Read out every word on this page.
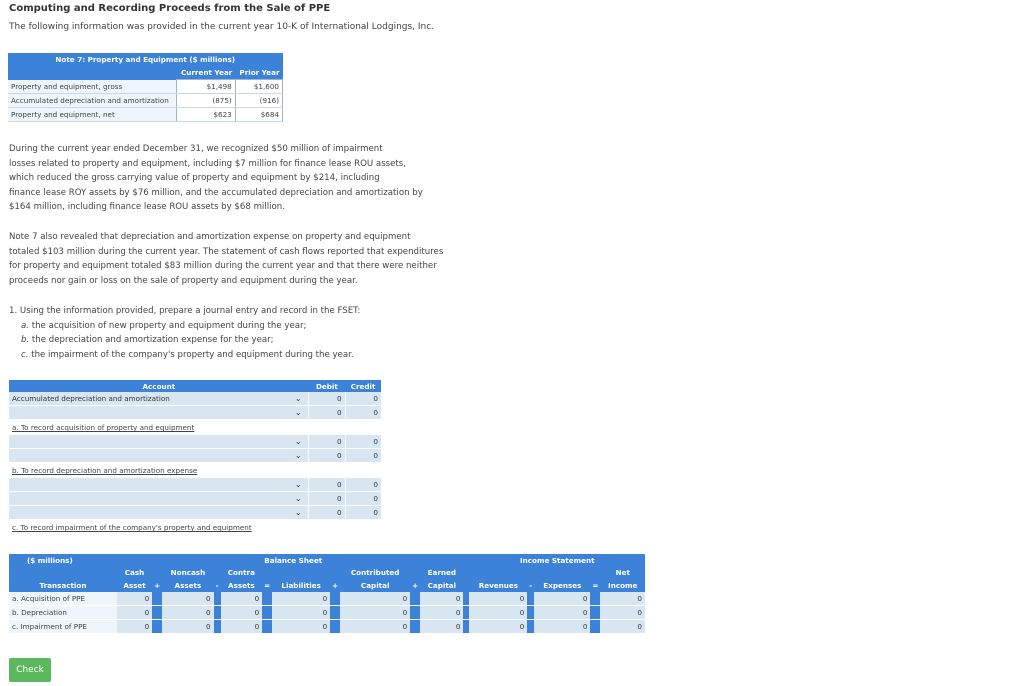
Computing and Recording Proceeds from the Sale of PPE
The following information was provided in the current year 10-K of International Lodgings, Inc.
Note 7: Property and Equipment ($ millions)		
	Current Year	Prior Year
Property and equipment, gross	$1,498	$1,600
Accumulated depreciation and amortization	(875)	(916)
Property and equipment, net	$623	$684
During the current year ended December 31, we recognized $50 million of impairment
losses related to property and equipment, including $7 million for finance lease ROU assets,
which reduced the gross carrying value of property and equipment by $214, including
finance lease ROY assets by $76 million, and the accumulated depreciation and amortization by
$164 million, including finance lease ROU assets by $68 million.
Note 7 also revealed that depreciation and amortization expense on property and equipment
totaled $103 million during the current year. The statement of cash flows reported that expenditures
for property and equipment totaled $83 million during the current year and that there were neither
proceeds nor gain or loss on the sale of property and equipment during the year.
1. Using the information provided, prepare a journal entry and record in the FSET:
a. the acquisition of new property and equipment during the year;
b. the depreciation and amortization expense for the year;
c. the impairment of the company's property and equipment during the year.
Account		Debit	Credit
Accumulated depreciation and amortization	⌄	0	0
	⌄	0	0
a. To record acquisition of property and equipment			
	⌄	0	0
	⌄	0	0
b. To record depreciation and amortization expense			
	⌄	0	0
	⌄	0	0
	⌄	0	0
c. To record impairment of the company's property and equipment			
($ millions)	Balance Sheet												Income Statement				
	Cash		Noncash		Contra				Contributed		Earned						Net
Transaction	Asset	+	Assets	-	Assets	=	Liabilities	+	Capital	+	Capital		Revenues	-	Expenses	=	Income
a. Acquisition of PPE	0		0		0		0		0		0		0		0		0
b. Depreciation	0		0		0		0		0		0		0		0		0
c. Impairment of PPE	0		0		0		0		0		0		0		0		0
Check
